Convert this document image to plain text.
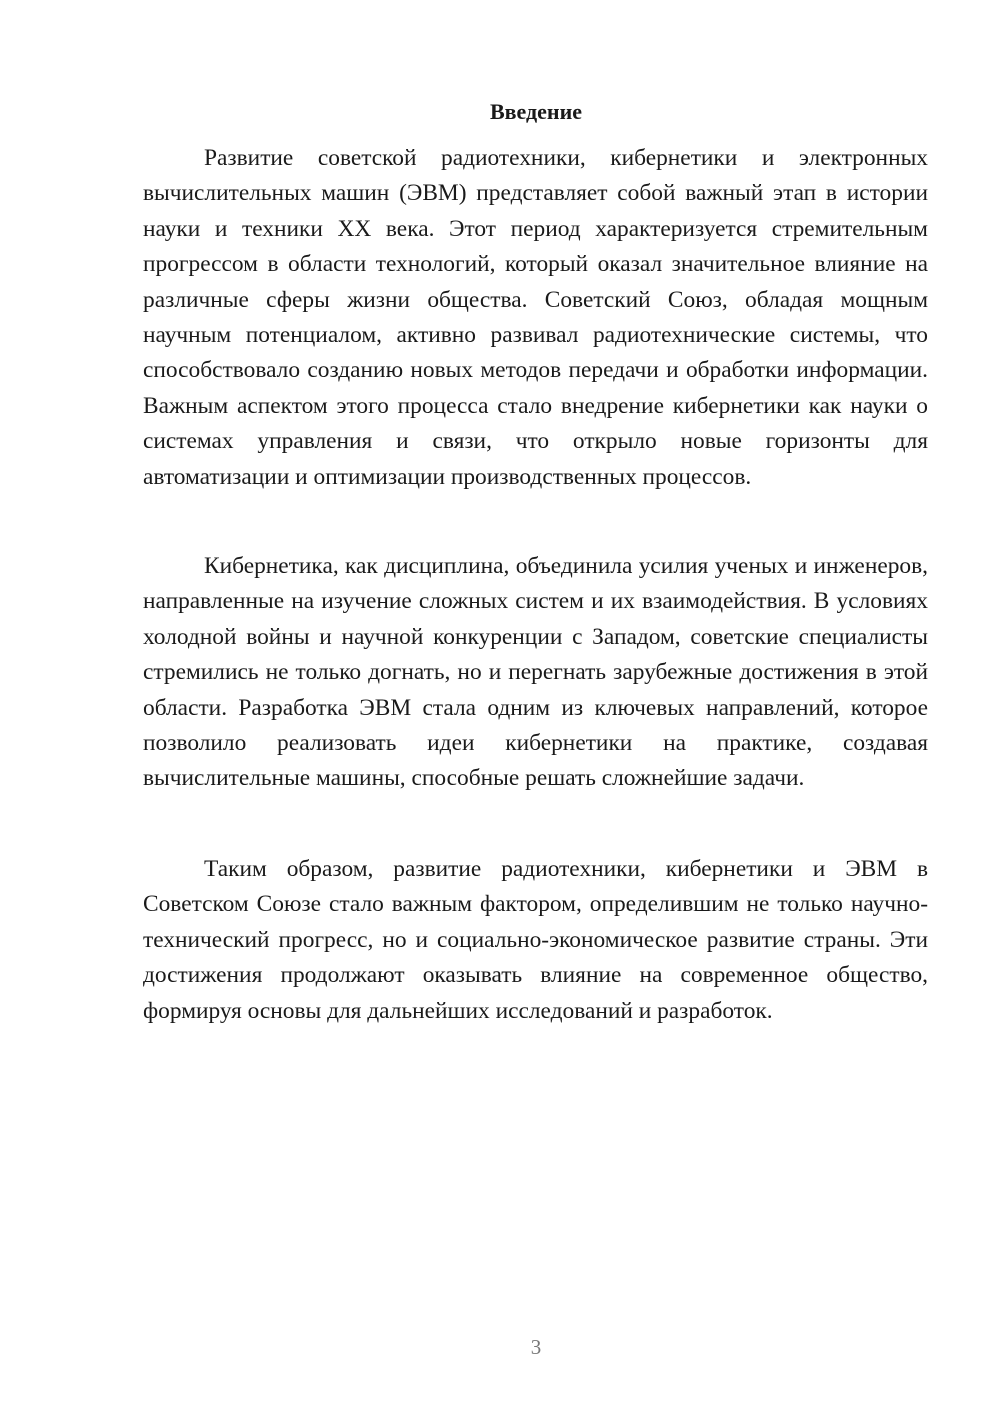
Введение

Развитие советской радиотехники, кибернетики и электронных вычислительных машин (ЭВМ) представляет собой важный этап в истории науки и техники XX века. Этот период характеризуется стремительным прогрессом в области технологий, который оказал значительное влияние на различные сферы жизни общества. Советский Союз, обладая мощным научным потенциалом, активно развивал радиотехнические системы, что способствовало созданию новых методов передачи и обработки информации. Важным аспектом этого процесса стало внедрение кибернетики как науки о системах управления и связи, что открыло новые горизонты для автоматизации и оптимизации производственных процессов.

Кибернетика, как дисциплина, объединила усилия ученых и инженеров, направленные на изучение сложных систем и их взаимодействия. В условиях холодной войны и научной конкуренции с Западом, советские специалисты стремились не только догнать, но и перегнать зарубежные достижения в этой области. Разработка ЭВМ стала одним из ключевых направлений, которое позволило реализовать идеи кибернетики на практике, создавая вычислительные машины, способные решать сложнейшие задачи.

Таким образом, развитие радиотехники, кибернетики и ЭВМ в Советском Союзе стало важным фактором, определившим не только научно-технический прогресс, но и социально-экономическое развитие страны. Эти достижения продолжают оказывать влияние на современное общество, формируя основы для дальнейших исследований и разработок.

3
